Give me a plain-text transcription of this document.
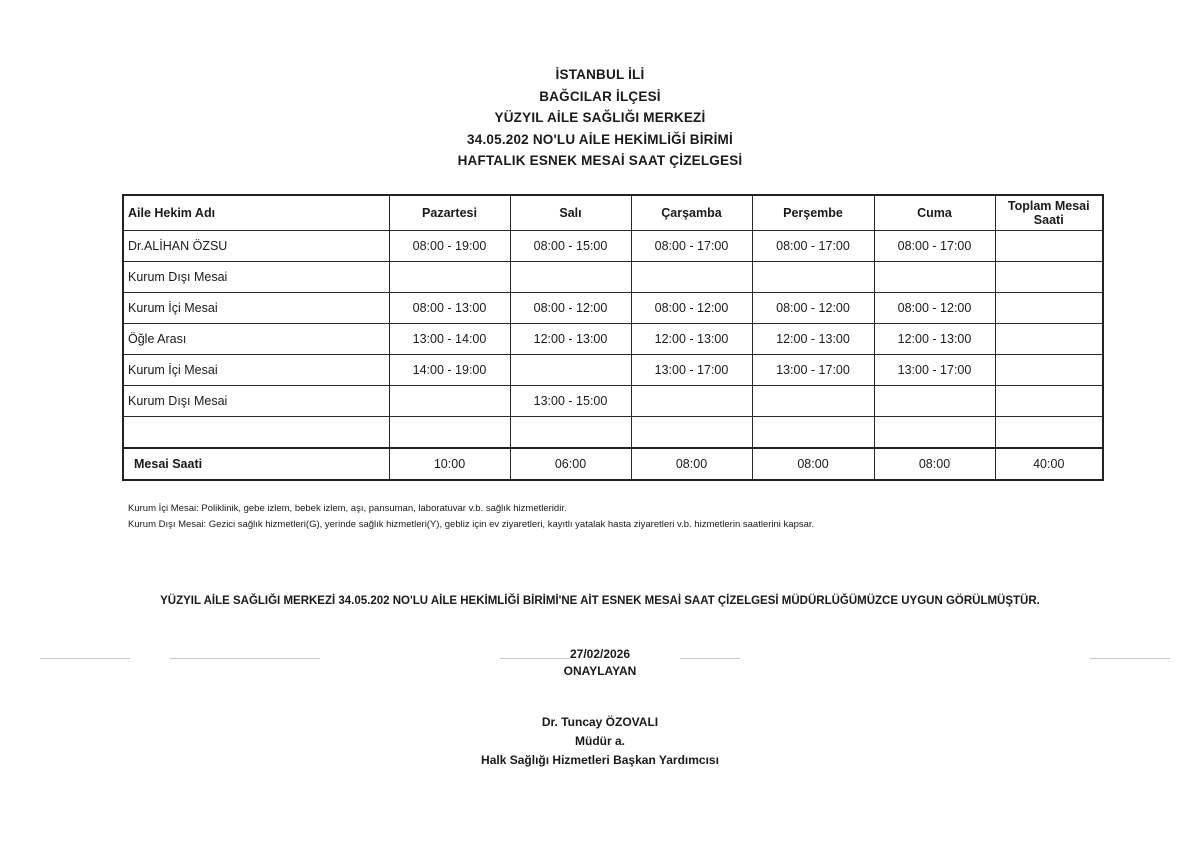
İSTANBUL İLİ
BAĞCILAR İLÇESİ
YÜZYIL AİLE SAĞLIĞI MERKEZİ
34.05.202 NO'LU AİLE HEKİMLİĞİ BİRİMİ
HAFTALIK ESNEK MESAİ SAAT ÇİZELGESİ
Aile Hekim Adı	Pazartesi	Salı	Çarşamba	Perşembe	Cuma	Toplam Mesai Saati
Dr.ALİHAN ÖZSU	08:00 - 19:00	08:00 - 15:00	08:00 - 17:00	08:00 - 17:00	08:00 - 17:00	
Kurum Dışı Mesai						
Kurum İçi Mesai	08:00 - 13:00	08:00 - 12:00	08:00 - 12:00	08:00 - 12:00	08:00 - 12:00	
Öğle Arası	13:00 - 14:00	12:00 - 13:00	12:00 - 13:00	12:00 - 13:00	12:00 - 13:00	
Kurum İçi Mesai	14:00 - 19:00		13:00 - 17:00	13:00 - 17:00	13:00 - 17:00	
Kurum Dışı Mesai		13:00 - 15:00				

Mesai Saati	10:00	06:00	08:00	08:00	08:00	40:00
Kurum İçi Mesai: Poliklinik, gebe izlem, bebek izlem, aşı, pansuman, laboratuvar v.b. sağlık hizmetleridir.
Kurum Dışı Mesai: Gezici sağlık hizmetleri(G), yerinde sağlık hizmetleri(Y), gebliz için ev ziyaretleri, kayıtlı yatalak hasta ziyaretleri v.b. hizmetlerin saatlerini kapsar.
YÜZYIL AİLE SAĞLIĞI MERKEZİ 34.05.202 NO'LU AİLE HEKİMLİĞİ BİRİMİ'NE AİT ESNEK MESAİ SAAT ÇİZELGESİ MÜDÜRLÜĞÜMÜZCE UYGUN GÖRÜLMÜŞTÜR.
27/02/2026
ONAYLAYAN
Dr. Tuncay ÖZOVALI
Müdür a.
Halk Sağlığı Hizmetleri Başkan Yardımcısı
